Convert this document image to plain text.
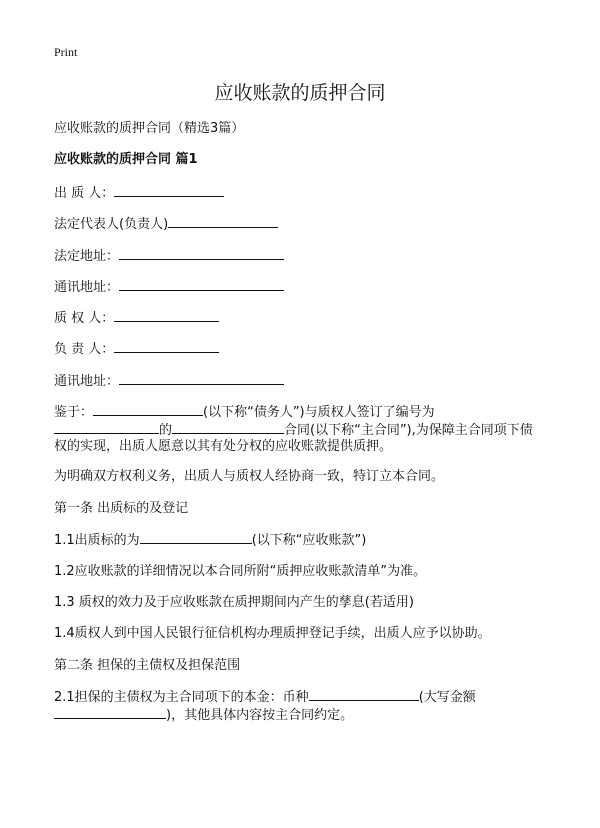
Print
应收账款的质押合同
应收账款的质押合同（精选3篇）
应收账款的质押合同 篇1
出 质 人：
法定代表人(负责人)
法定地址：
通讯地址：
质 权 人：
负 责 人：
通讯地址：
鉴于：	(以下称“债务人”)与质权人签订了编号为
的	合同(以下称“主合同”),为保障主合同项下债
权的实现，出质人愿意以其有处分权的应收账款提供质押。
为明确双方权利义务，出质人与质权人经协商一致，特订立本合同。
第一条 出质标的及登记
1.1出质标的为	(以下称“应收账款”)
1.2应收账款的详细情况以本合同所附“质押应收账款清单”为准。
1.3 质权的效力及于应收账款在质押期间内产生的孳息(若适用)
1.4质权人到中国人民银行征信机构办理质押登记手续，出质人应予以协助。
第二条 担保的主债权及担保范围
2.1担保的主债权为主合同项下的本金：币种	(大写金额
)，其他具体内容按主合同约定。
